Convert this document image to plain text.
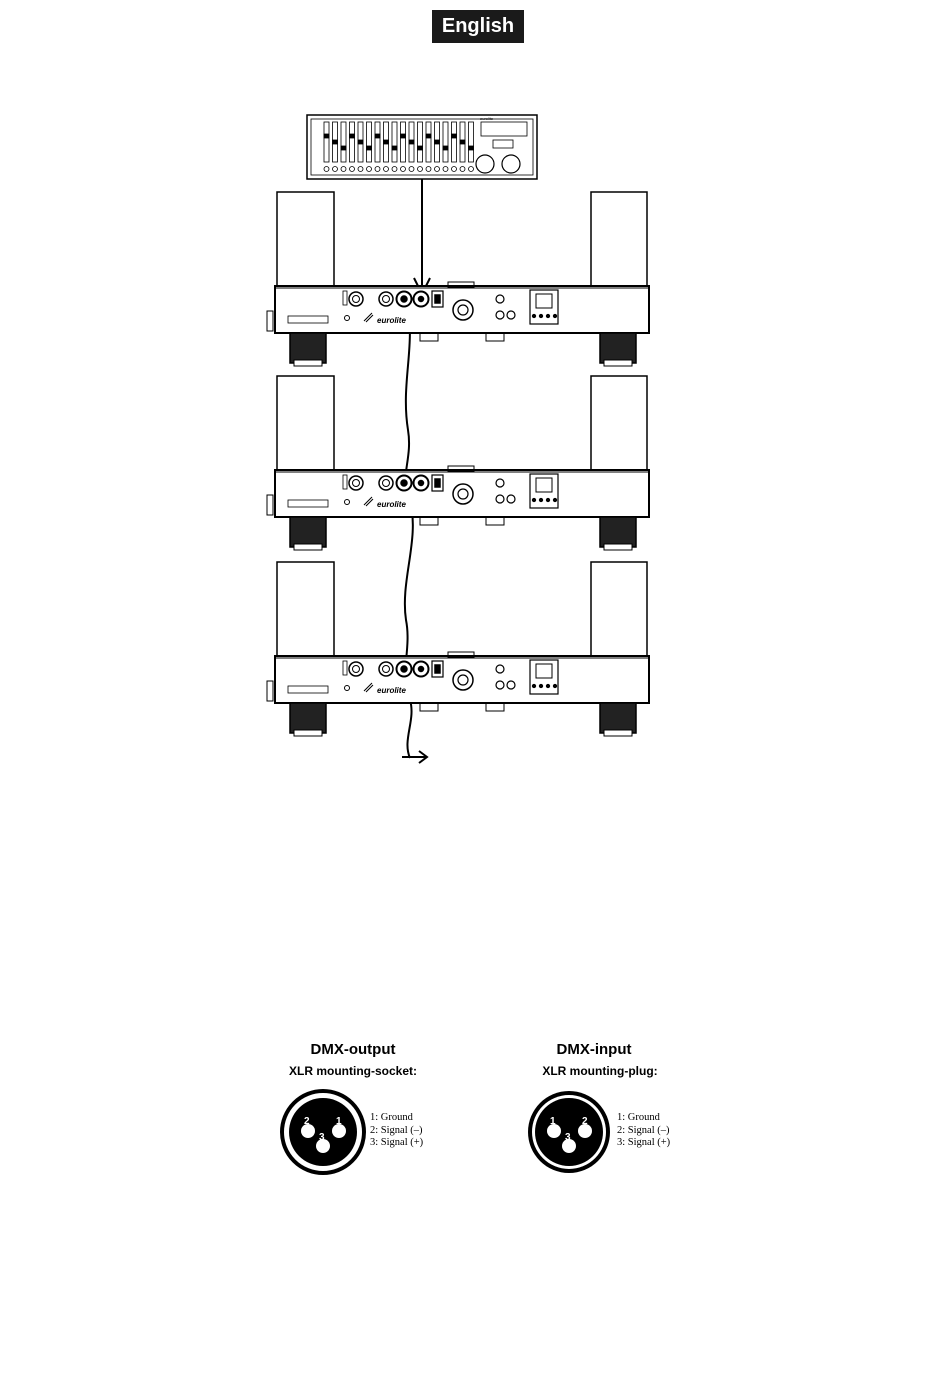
English
eurolite
DMX-output
XLR mounting-socket:
2	1
3
1: Ground
2: Signal (–)
3: Signal (+)
DMX-input
XLR mounting-plug:
1	2
3
1: Ground
2: Signal (–)
3: Signal (+)
